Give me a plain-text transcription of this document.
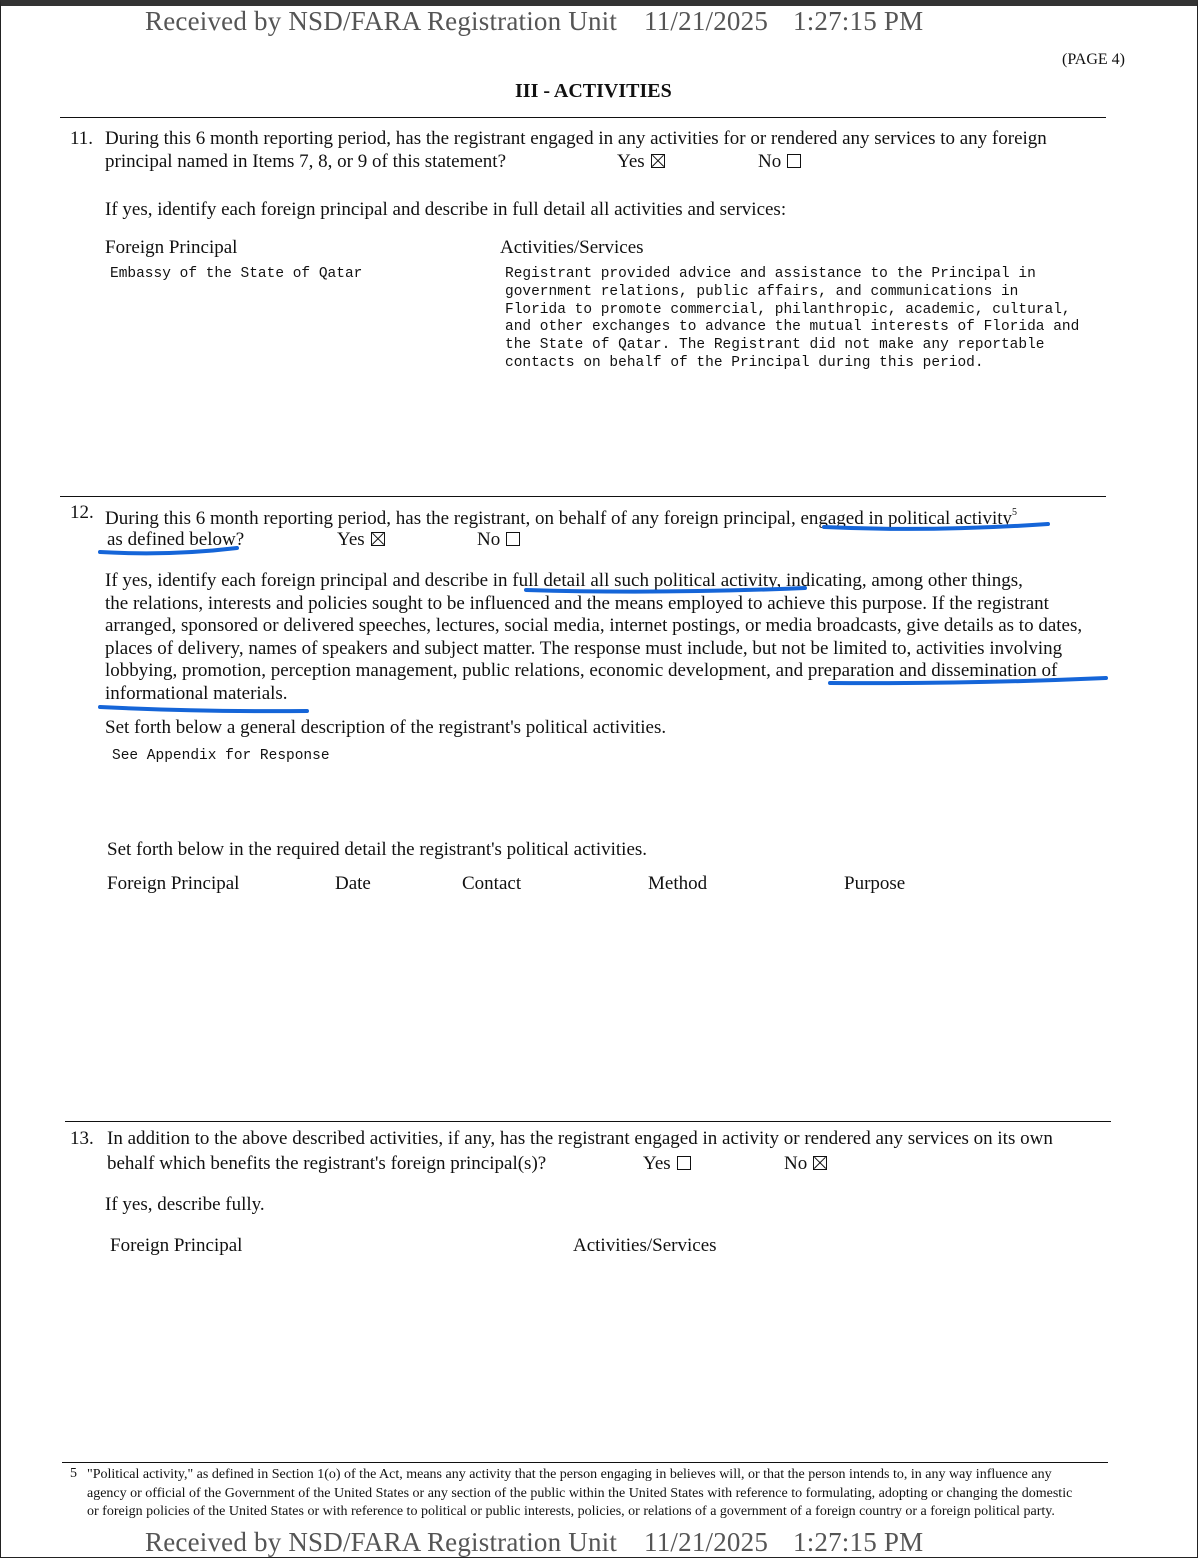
Received by NSD/FARA Registration Unit 11/21/2025 1:27:15 PM
(PAGE 4)
III - ACTIVITIES
11. During this 6 month reporting period, has the registrant engaged in any activities for or rendered any services to any foreign
principal named in Items 7, 8, or 9 of this statement?	Yes	No
If yes, identify each foreign principal and describe in full detail all activities and services:
Foreign Principal	Activities/Services
Embassy of the State of Qatar	Registrant provided advice and assistance to the Principal in
government relations, public affairs, and communications in
Florida to promote commercial, philanthropic, academic, cultural,
and other exchanges to advance the mutual interests of Florida and
the State of Qatar. The Registrant did not make any reportable
contacts on behalf of the Principal during this period.
12. During this 6 month reporting period, has the registrant, on behalf of any foreign principal, engaged in political activity$^5$
as defined below?	Yes	No
If yes, identify each foreign principal and describe in full detail all such political activity, indicating, among other things,
the relations, interests and policies sought to be influenced and the means employed to achieve this purpose. If the registrant
arranged, sponsored or delivered speeches, lectures, social media, internet postings, or media broadcasts, give details as to dates,
places of delivery, names of speakers and subject matter. The response must include, but not be limited to, activities involving
lobbying, promotion, perception management, public relations, economic development, and preparation and dissemination of
informational materials.
Set forth below a general description of the registrant's political activities.
See Appendix for Response
Set forth below in the required detail the registrant's political activities.
Foreign Principal	Date	Contact	Method	Purpose
13. In addition to the above described activities, if any, has the registrant engaged in activity or rendered any services on its own
behalf which benefits the registrant's foreign principal(s)?	Yes	No
If yes, describe fully.
Foreign Principal	Activities/Services
5 "Political activity," as defined in Section 1(o) of the Act, means any activity that the person engaging in believes will, or that the person intends to, in any way influence any
agency or official of the Government of the United States or any section of the public within the United States with reference to formulating, adopting or changing the domestic
or foreign policies of the United States or with reference to political or public interests, policies, or relations of a government of a foreign country or a foreign political party.
Received by NSD/FARA Registration Unit 11/21/2025 1:27:15 PM
